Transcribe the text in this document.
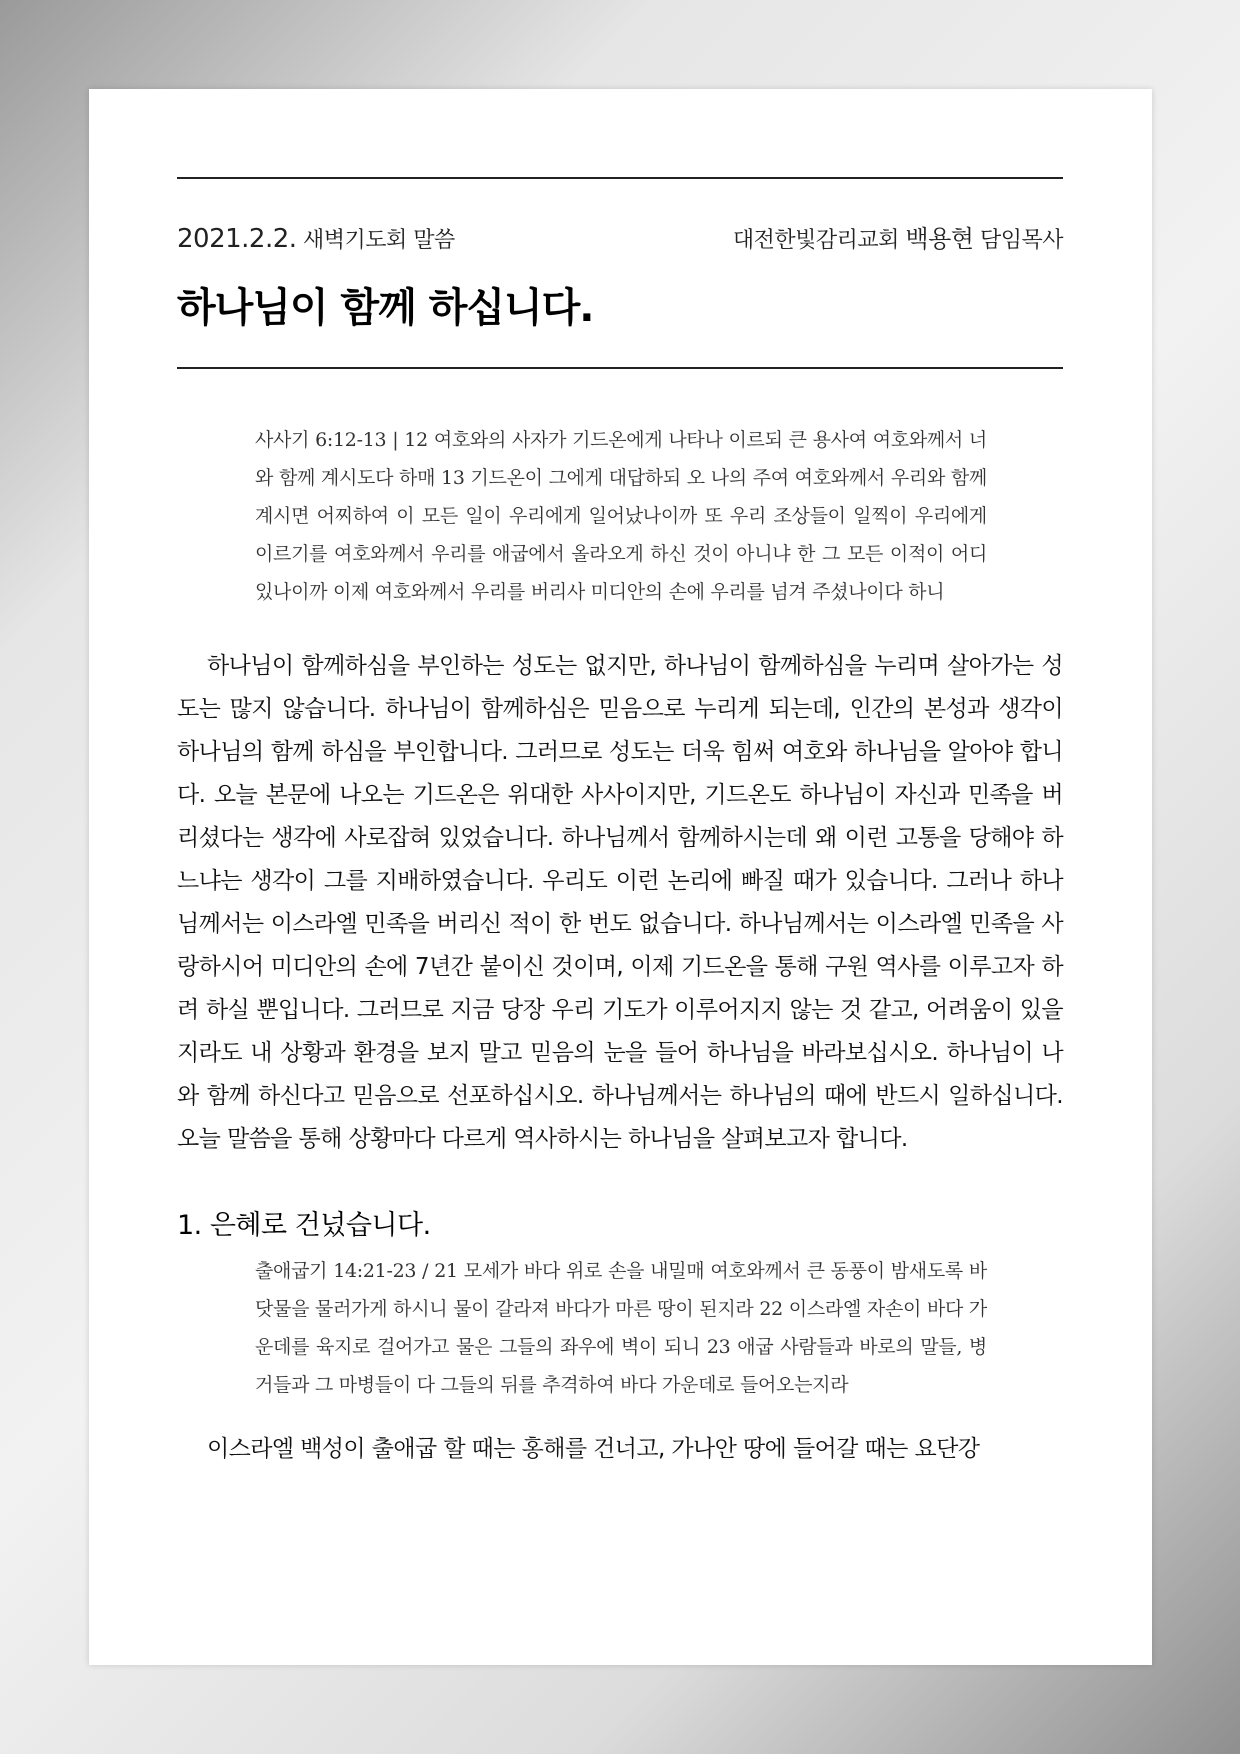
2021.2.2. 새벽기도회 말씀	대전한빛감리교회 백용현 담임목사
하나님이 함께 하십니다.
사사기 6:12-13 | 12 여호와의 사자가 기드온에게 나타나 이르되 큰 용사여 여호와께서 너와 함께 계시도다 하매 13 기드온이 그에게 대답하되 오 나의 주여 여호와께서 우리와 함께 계시면 어찌하여 이 모든 일이 우리에게 일어났나이까 또 우리 조상들이 일찍이 우리에게 이르기를 여호와께서 우리를 애굽에서 올라오게 하신 것이 아니냐 한 그 모든 이적이 어디 있나이까 이제 여호와께서 우리를 버리사 미디안의 손에 우리를 넘겨 주셨나이다 하니
하나님이 함께하심을 부인하는 성도는 없지만, 하나님이 함께하심을 누리며 살아가는 성도는 많지 않습니다. 하나님이 함께하심은 믿음으로 누리게 되는데, 인간의 본성과 생각이 하나님의 함께 하심을 부인합니다. 그러므로 성도는 더욱 힘써 여호와 하나님을 알아야 합니다. 오늘 본문에 나오는 기드온은 위대한 사사이지만, 기드온도 하나님이 자신과 민족을 버리셨다는 생각에 사로잡혀 있었습니다. 하나님께서 함께하시는데 왜 이런 고통을 당해야 하느냐는 생각이 그를 지배하였습니다. 우리도 이런 논리에 빠질 때가 있습니다. 그러나 하나님께서는 이스라엘 민족을 버리신 적이 한 번도 없습니다. 하나님께서는 이스라엘 민족을 사랑하시어 미디안의 손에 7년간 붙이신 것이며, 이제 기드온을 통해 구원 역사를 이루고자 하려 하실 뿐입니다. 그러므로 지금 당장 우리 기도가 이루어지지 않는 것 같고, 어려움이 있을지라도 내 상황과 환경을 보지 말고 믿음의 눈을 들어 하나님을 바라보십시오. 하나님이 나와 함께 하신다고 믿음으로 선포하십시오. 하나님께서는 하나님의 때에 반드시 일하십니다. 오늘 말씀을 통해 상황마다 다르게 역사하시는 하나님을 살펴보고자 합니다.
1. 은혜로 건넜습니다.
출애굽기 14:21-23 / 21 모세가 바다 위로 손을 내밀매 여호와께서 큰 동풍이 밤새도록 바닷물을 물러가게 하시니 물이 갈라져 바다가 마른 땅이 된지라 22 이스라엘 자손이 바다 가운데를 육지로 걸어가고 물은 그들의 좌우에 벽이 되니 23 애굽 사람들과 바로의 말들, 병거들과 그 마병들이 다 그들의 뒤를 추격하여 바다 가운데로 들어오는지라
이스라엘 백성이 출애굽 할 때는 홍해를 건너고, 가나안 땅에 들어갈 때는 요단강
